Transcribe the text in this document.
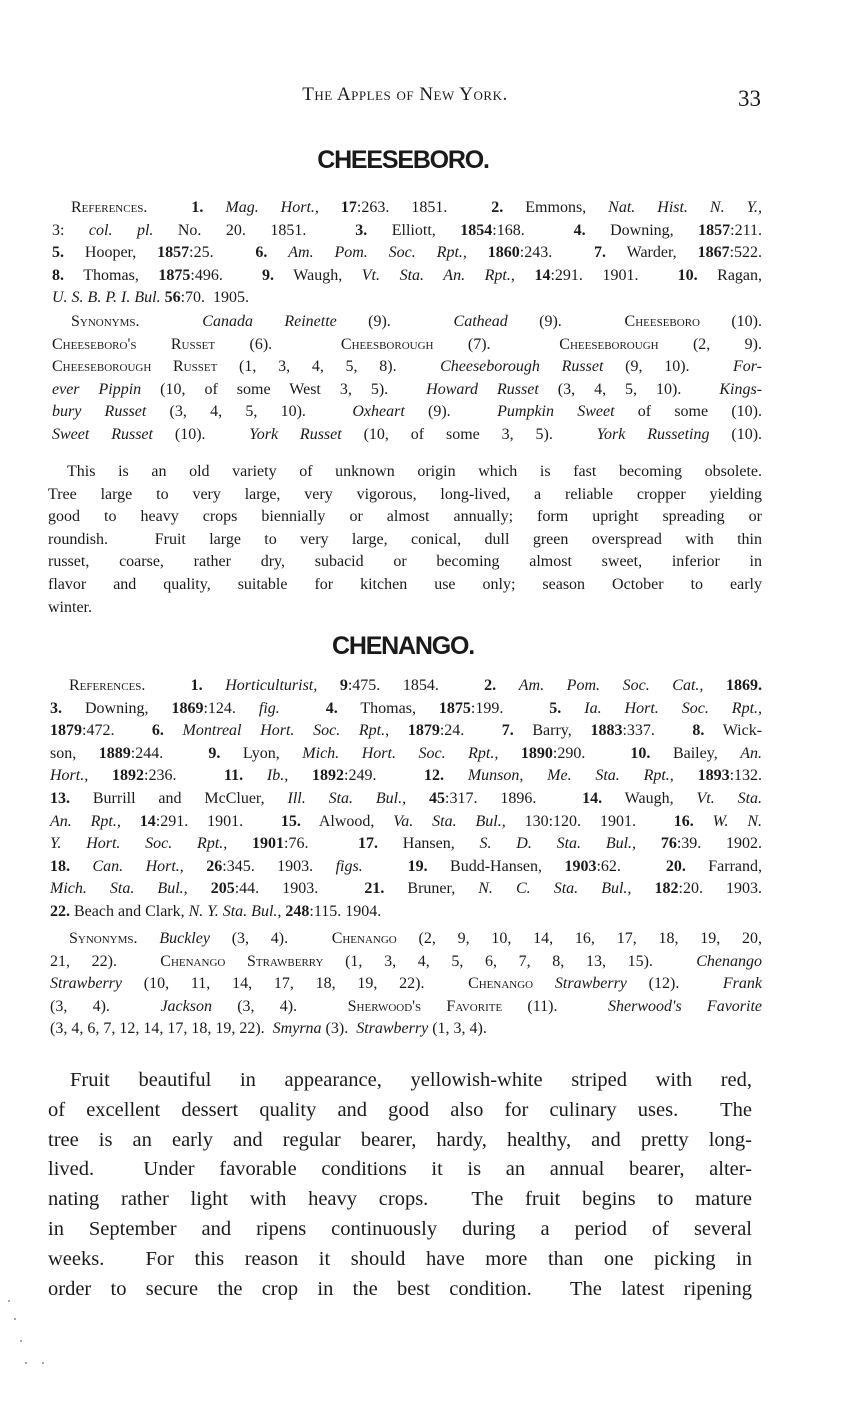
The Apples of New York.	33
CHEESEBORO.
References.	1. Mag. Hort., 17:263. 1851.  2. Emmons, Nat. Hist. N. Y.,
3: col. pl. No. 20. 1851.  3. Elliott, 1854:168.  4. Downing, 1857:211.
5. Hooper, 1857:25.  6. Am. Pom. Soc. Rpt., 1860:243.  7. Warder, 1867:522.
8. Thomas, 1875:496.  9. Waugh, Vt. Sta. An. Rpt., 14:291. 1901.  10. Ragan,
U. S. B. P. I. Bul. 56:70.  1905.
Synonyms.	Canada Reinette (9).  Cathead (9).  Cheeseboro (10).
Cheeseboro's Russet (6).  Cheesborough (7).  Cheeseborough (2, 9).
Cheeseborough Russet (1, 3, 4, 5, 8).  Cheeseborough Russet (9, 10).  For-
ever Pippin (10, of some West 3, 5).  Howard Russet (3, 4, 5, 10).  Kings-
bury Russet (3, 4, 5, 10).  Oxheart (9).  Pumpkin Sweet of some (10).
Sweet Russet (10).  York Russet (10, of some 3, 5).  York Russeting (10).
This is an old variety of unknown origin which is fast becoming obsolete.
Tree large to very large, very vigorous, long-lived, a reliable cropper yielding
good to heavy crops biennially or almost annually; form upright spreading or
roundish.  Fruit large to very large, conical, dull green overspread with thin
russet, coarse, rather dry, subacid or becoming almost sweet, inferior in
flavor and quality, suitable for kitchen use only; season October to early
winter.
CHENANGO.
References.	1. Horticulturist, 9:475. 1854.  2. Am. Pom. Soc. Cat., 1869.
3. Downing, 1869:124. fig.	4. Thomas, 1875:199.  5. Ia. Hort. Soc. Rpt.,
1879:472.  6. Montreal Hort. Soc. Rpt., 1879:24.  7. Barry, 1883:337.  8. Wick-
son, 1889:244.  9. Lyon, Mich. Hort. Soc. Rpt., 1890:290.  10. Bailey, An.
Hort., 1892:236.  11. Ib., 1892:249.  12. Munson, Me. Sta. Rpt., 1893:132.
13. Burrill and McCluer, Ill. Sta. Bul., 45:317. 1896.  14. Waugh, Vt. Sta.
An. Rpt., 14:291. 1901.  15. Alwood, Va. Sta. Bul., 130:120. 1901.  16. W. N.
Y. Hort. Soc. Rpt., 1901:76.  17. Hansen, S. D. Sta. Bul., 76:39. 1902.
18. Can. Hort., 26:345. 1903. figs.	19. Budd-Hansen, 1903:62.  20. Farrand,
Mich. Sta. Bul., 205:44. 1903.  21. Bruner, N. C. Sta. Bul., 182:20. 1903.
22. Beach and Clark, N. Y. Sta. Bul., 248:115. 1904.
Synonyms. Buckley (3, 4).  Chenango (2, 9, 10, 14, 16, 17, 18, 19, 20,
21, 22).  Chenango Strawberry (1, 3, 4, 5, 6, 7, 8, 13, 15).  Chenango
Strawberry (10, 11, 14, 17, 18, 19, 22).  Chenango Strawberry (12).  Frank
(3, 4).  Jackson (3, 4).  Sherwood's Favorite (11).  Sherwood's Favorite
(3, 4, 6, 7, 12, 14, 17, 18, 19, 22).  Smyrna (3).  Strawberry (1, 3, 4).
Fruit beautiful in appearance, yellowish-white striped with red,
of excellent dessert quality and good also for culinary uses.  The
tree is an early and regular bearer, hardy, healthy, and pretty long-
lived.  Under favorable conditions it is an annual bearer, alter-
nating rather light with heavy crops.  The fruit begins to mature
in September and ripens continuously during a period of several
weeks.  For this reason it should have more than one picking in
order to secure the crop in the best condition.  The latest ripening
